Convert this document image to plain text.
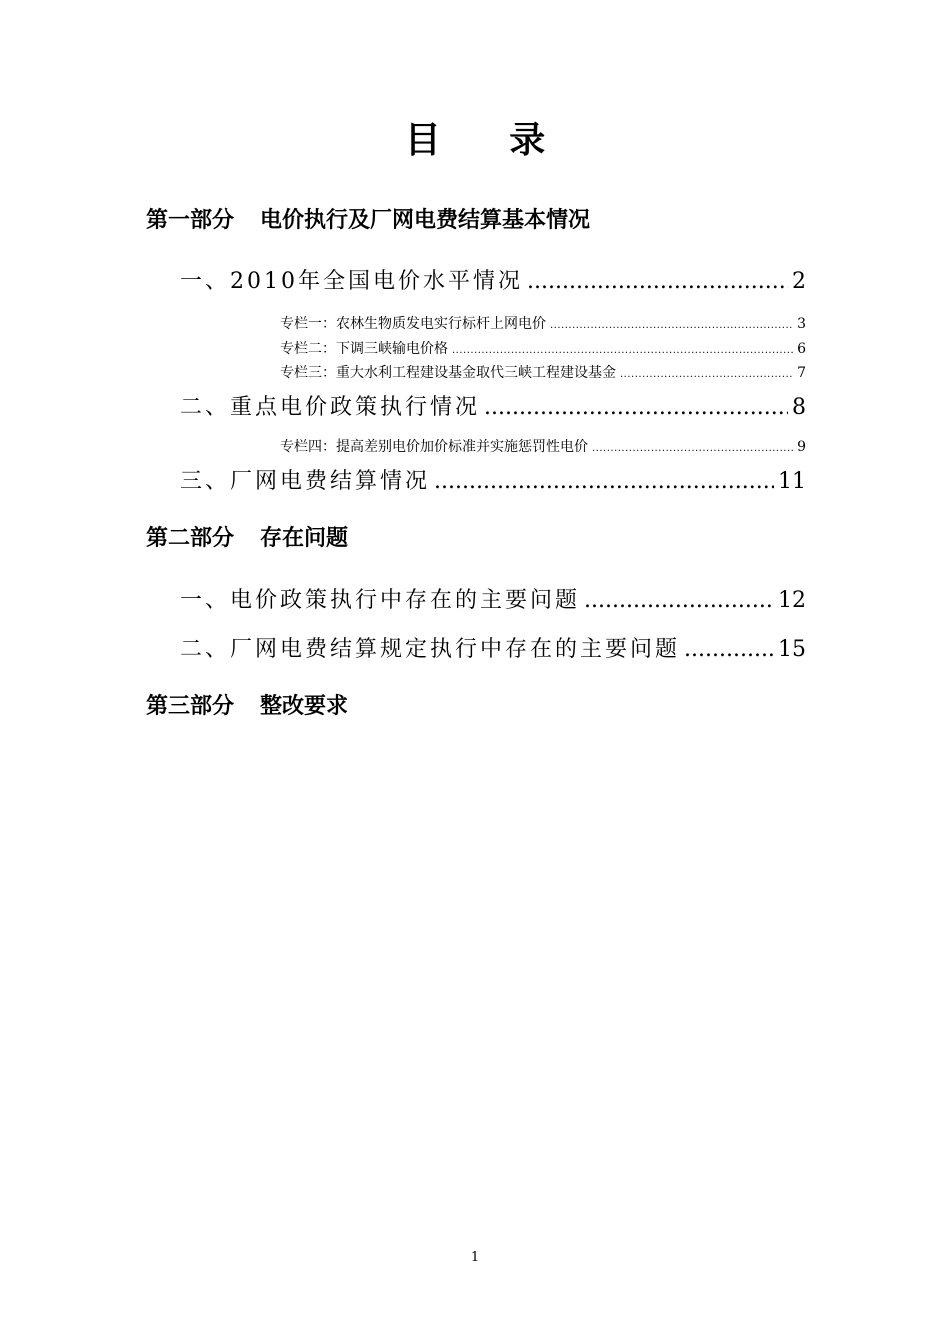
目 录
第一部分 电价执行及厂网电费结算基本情况
一、2010年全国电价水平情况 .....	2
专栏一：农林生物质发电实行标杆上网电价 .....	3
专栏二：下调三峡输电价格 .....	6
专栏三：重大水利工程建设基金取代三峡工程建设基金 .....	7
二、重点电价政策执行情况 .....	8
专栏四：提高差别电价加价标准并实施惩罚性电价 .....	9
三、厂网电费结算情况 .....	11
第二部分 存在问题
一、电价政策执行中存在的主要问题 .....	12
二、厂网电费结算规定执行中存在的主要问题 .....	15
第三部分 整改要求
1
